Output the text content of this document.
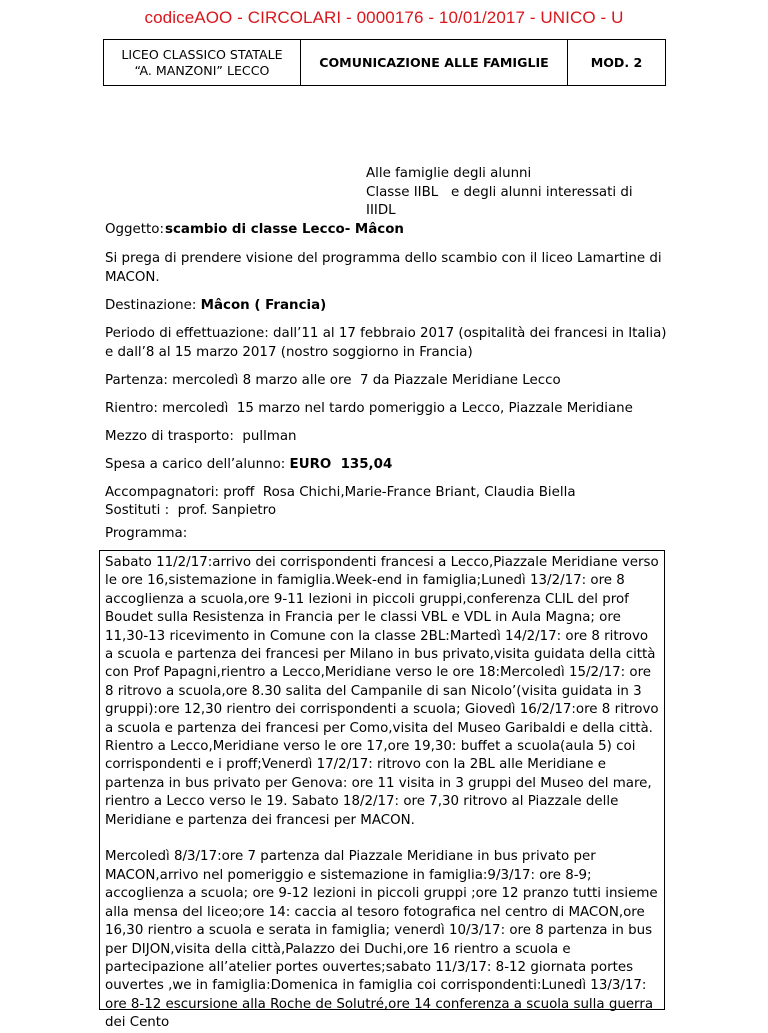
codiceAOO - CIRCOLARI - 0000176 - 10/01/2017 - UNICO - U
LICEO CLASSICO STATALE
“A. MANZONI” LECCO	COMUNICAZIONE ALLE FAMIGLIE	MOD. 2
Alle famiglie degli alunni
Classe IIBL   e degli alunni interessati di
IIIDL
Oggetto: scambio di classe Lecco- Mâcon
Si prega di prendere visione del programma dello scambio con il liceo Lamartine di MACON.
Destinazione: Mâcon ( Francia)
Periodo di effettuazione: dall’11 al 17 febbraio 2017 (ospitalità dei francesi in Italia) e dall’8 al 15 marzo 2017 (nostro soggiorno in Francia)
Partenza: mercoledì 8 marzo alle ore  7 da Piazzale Meridiane Lecco
Rientro: mercoledì  15 marzo nel tardo pomeriggio a Lecco, Piazzale Meridiane
Mezzo di trasporto:  pullman
Spesa a carico dell’alunno: EURO  135,04
Accompagnatori: proff  Rosa Chichi,Marie-France Briant, Claudia Biella
Sostituti :  prof. Sanpietro
Programma:

Sabato 11/2/17:arrivo dei corrispondenti francesi a Lecco,Piazzale Meridiane verso le ore 16,sistemazione in famiglia.Week-end in famiglia;Lunedì 13/2/17: ore 8 accoglienza a scuola,ore 9-11 lezioni in piccoli gruppi,conferenza CLIL del prof Boudet sulla Resistenza in Francia per le classi VBL e VDL in Aula Magna; ore 11,30-13 ricevimento in Comune con la classe 2BL:Martedì 14/2/17: ore 8 ritrovo a scuola e partenza dei francesi per Milano in bus privato,visita guidata della città con Prof Papagni,rientro a Lecco,Meridiane verso le ore 18:Mercoledì 15/2/17: ore 8 ritrovo a scuola,ore 8.30 salita del Campanile di san Nicolo’(visita guidata in 3 gruppi):ore 12,30 rientro dei corrispondenti a scuola; Giovedì 16/2/17:ore 8 ritrovo a scuola e partenza dei francesi per Como,visita del Museo Garibaldi e della città. Rientro a Lecco,Meridiane verso le ore 17,ore 19,30: buffet a scuola(aula 5) coi corrispondenti e i proff;Venerdì 17/2/17: ritrovo con la 2BL alle Meridiane e partenza in bus privato per Genova: ore 11 visita in 3 gruppi del Museo del mare, rientro a Lecco verso le 19. Sabato 18/2/17: ore 7,30 ritrovo al Piazzale delle Meridiane e partenza dei francesi per MACON.

Mercoledì 8/3/17:ore 7 partenza dal Piazzale Meridiane in bus privato per MACON,arrivo nel pomeriggio e sistemazione in famiglia:9/3/17: ore 8-9; accoglienza a scuola; ore 9-12 lezioni in piccoli gruppi ;ore 12 pranzo tutti insieme alla mensa del liceo;ore 14: caccia al tesoro fotografica nel centro di MACON,ore 16,30 rientro a scuola e serata in famiglia; venerdì 10/3/17: ore 8 partenza in bus per DIJON,visita della città,Palazzo dei Duchi,ore 16 rientro a scuola e partecipazione all’atelier portes ouvertes;sabato 11/3/17: 8-12 giornata portes ouvertes ,we in famiglia:Domenica in famiglia coi corrispondenti:Lunedì 13/3/17: ore 8-12 escursione alla Roche de Solutré,ore 14 conferenza a scuola sulla guerra dei Cento
